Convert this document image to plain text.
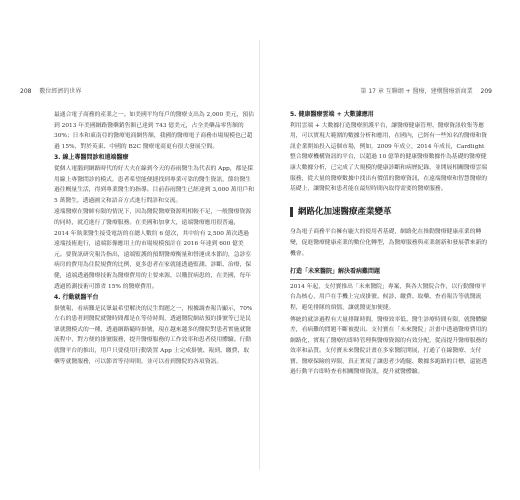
208 數位經濟的世界	第 17 章 互聯網 + 醫療，建構醫療新商業 209

最通合電子商務的產業之一。如美國平均每戶的醫療支出為 2,000 美元，預估到 2013 年美國網路醫藥銷售額已達到 743 億美元，占全美藥品零售額的 30%；日本和東南亞的醫療電商網售額，我國的醫療電子商務市場規模也已超過 15%，對於英東、中國的 B2C 醫療電商更有很大發展空間。

3. 線上專醫問診和遠端醫療

從個人電腦到網路時代的好大夫在線到今天的春雨醫生為代表的 App，都是採用線上專醫問診的模式，患者希望能便捷找到專業可靠的醫生資訊，節約醫生過往概量生活，得到專業醫生的指導。目前春雨醫生已經達到 3,000 萬用戶和 5 萬醫生，透過圖文和語音方式進行問診和交流。

遠端醫療在醫師有限的情況下，因為醫院醫療資源明相較不足，一般醫療資源的同時，就近進行了醫療服務。在美國和加拿大，遠端醫療應用很普遍，2014 年執業醫生接受電訪的在總人數約 6 億次，其中約有 2,500 萬次透過遠端技術進行，遠端影像應用上的市場規模預計在 2016 年達到 600 億美元。要資訊研究報告指出，遠端監護的預期醫療衡量和營運成本節約，急診室病房的費用為住院規費的比例，更多患者在家就能透過監測、診斷、治療，保健，遠端透過醫療技術為醫療費用的主要來源，以購買病患的，在美國，每年透過監測技術可節省 15% 的醫療費用。

4. 行動就醫平台

掛號報、看病難是民眾最希望解決的民生問題之一，根據調查報告顯示，70% 左右的患者到醫院就醫時間都是在等待時間，透過醫院網站預約掛號等已是民眾就醫模式的一種，透過網路隨時掛號，現在越來越多的醫院對患者實施就醫流程中，對方便的掛號服務，提升醫療服務的工作效率和患者使用體驗。行動就醫平台的推出，用戶只要使用行動裝置 App 上完成掛號、報到、繳費、取藥等就醫服務，可以節省等待時間，並可以看到醫院的各項資訊。

5. 健康醫療雲端 + 大數據應用

利用雲端 + 大數據打造醫療照護平台，讓醫療健康管理、醫療資訊收集等應用，可以實現大範圍的數據分析和應用，在國內，已經有一些知名的醫療和資訊企業開始投入這個市場，例如，2009 年成立，2014 年成長，Cardlight 整合醫療機構資訊的平台，以超過 10 億筆的健康醫療數據作為基礎的醫療健康大數據分析，已完成了大規模的健康診斷和病歷紀錄，並開展相關醫療雲端服務，從大量的醫療數據中找出有價值的醫療資訊，在遠端醫療和智慧醫療的基礎上，讓醫院和患者能在最短時間內取得需要的醫療服務。

網路化加速醫療產業變革

身為電子商務平台擁有龐大的使用者基礎，網路化在推動醫療健康產業的轉變，促進醫療健康產業的數位化轉型，為醫療服務與產業創新和發展帶來新的機會。

打造「未來醫院」解決看病難問題

2014 年起，支付寶推出「未來醫院」專案，與各大醫院合作，以行動醫療平台為核心，用戶在手機上完成掛號、候診、繳費、取藥、查看報告等就醫流程，避免排隊的煩惱，讓就醫更加便捷。

傳統的就診過程有大量排隊時間，醫療效率低、醫生診療時間有限，就醫體驗差，看病難的問題不斷被提出。支付寶在「未來醫院」計畫中透過醫療費用的網路化，實現了醫療的即時管理與醫療資源的有效分配，從而提升醫療服務的效率和品質。支付寶未來醫院計畫在多家醫院開展，打通了在線醫療、支付寶、醫療保險的界限，真正實現了讓患者少跑腿、數據多跑路的目標，還能透過行動平台即時查看相關醫療資訊，提升就醫體驗。
